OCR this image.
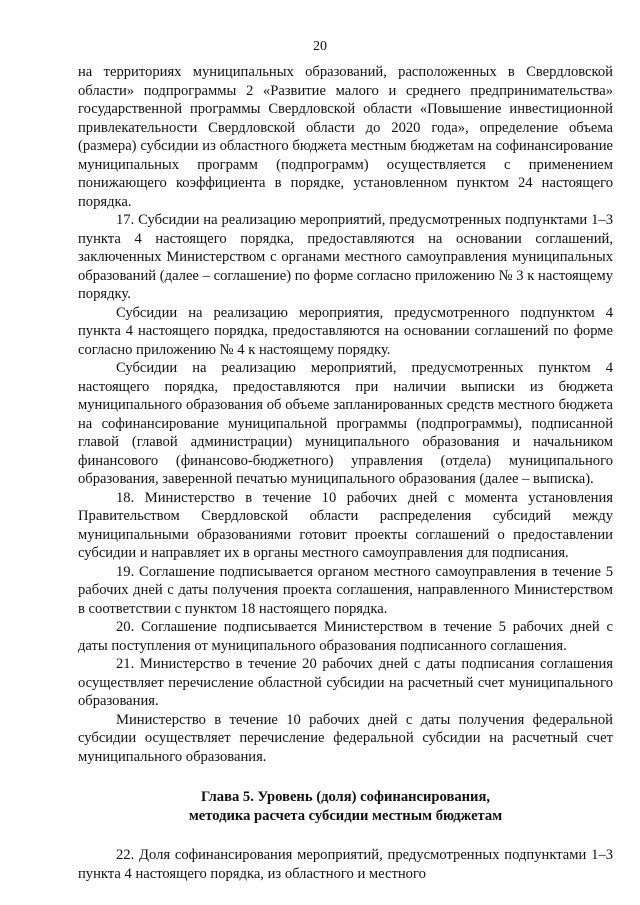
20

на территориях муниципальных образований, расположенных в Свердловской области» подпрограммы 2 «Развитие малого и среднего предпринимательства» государственной программы Свердловской области «Повышение инвестиционной привлекательности Свердловской области до 2020 года», определение объема (размера) субсидии из областного бюджета местным бюджетам на софинансирование муниципальных программ (подпрограмм) осуществляется с применением понижающего коэффициента в порядке, установленном пунктом 24 настоящего порядка.

17. Субсидии на реализацию мероприятий, предусмотренных подпунктами 1–3 пункта 4 настоящего порядка, предоставляются на основании соглашений, заключенных Министерством с органами местного самоуправления муниципальных образований (далее – соглашение) по форме согласно приложению № 3 к настоящему порядку.

Субсидии на реализацию мероприятия, предусмотренного подпунктом 4 пункта 4 настоящего порядка, предоставляются на основании соглашений по форме согласно приложению № 4 к настоящему порядку.

Субсидии на реализацию мероприятий, предусмотренных пунктом 4 настоящего порядка, предоставляются при наличии выписки из бюджета муниципального образования об объеме запланированных средств местного бюджета на софинансирование муниципальной программы (подпрограммы), подписанной главой (главой администрации) муниципального образования и начальником финансового (финансово-бюджетного) управления (отдела) муниципального образования, заверенной печатью муниципального образования (далее – выписка).

18. Министерство в течение 10 рабочих дней с момента установления Правительством Свердловской области распределения субсидий между муниципальными образованиями готовит проекты соглашений о предоставлении субсидии и направляет их в органы местного самоуправления для подписания.

19. Соглашение подписывается органом местного самоуправления в течение 5 рабочих дней с даты получения проекта соглашения, направленного Министерством в соответствии с пунктом 18 настоящего порядка.

20. Соглашение подписывается Министерством в течение 5 рабочих дней с даты поступления от муниципального образования подписанного соглашения.

21. Министерство в течение 20 рабочих дней с даты подписания соглашения осуществляет перечисление областной субсидии на расчетный счет муниципального образования.

Министерство в течение 10 рабочих дней с даты получения федеральной субсидии осуществляет перечисление федеральной субсидии на расчетный счет муниципального образования.

Глава 5. Уровень (доля) софинансирования,
методика расчета субсидии местным бюджетам

22. Доля софинансирования мероприятий, предусмотренных подпунктами 1–3 пункта 4 настоящего порядка, из областного и местного
